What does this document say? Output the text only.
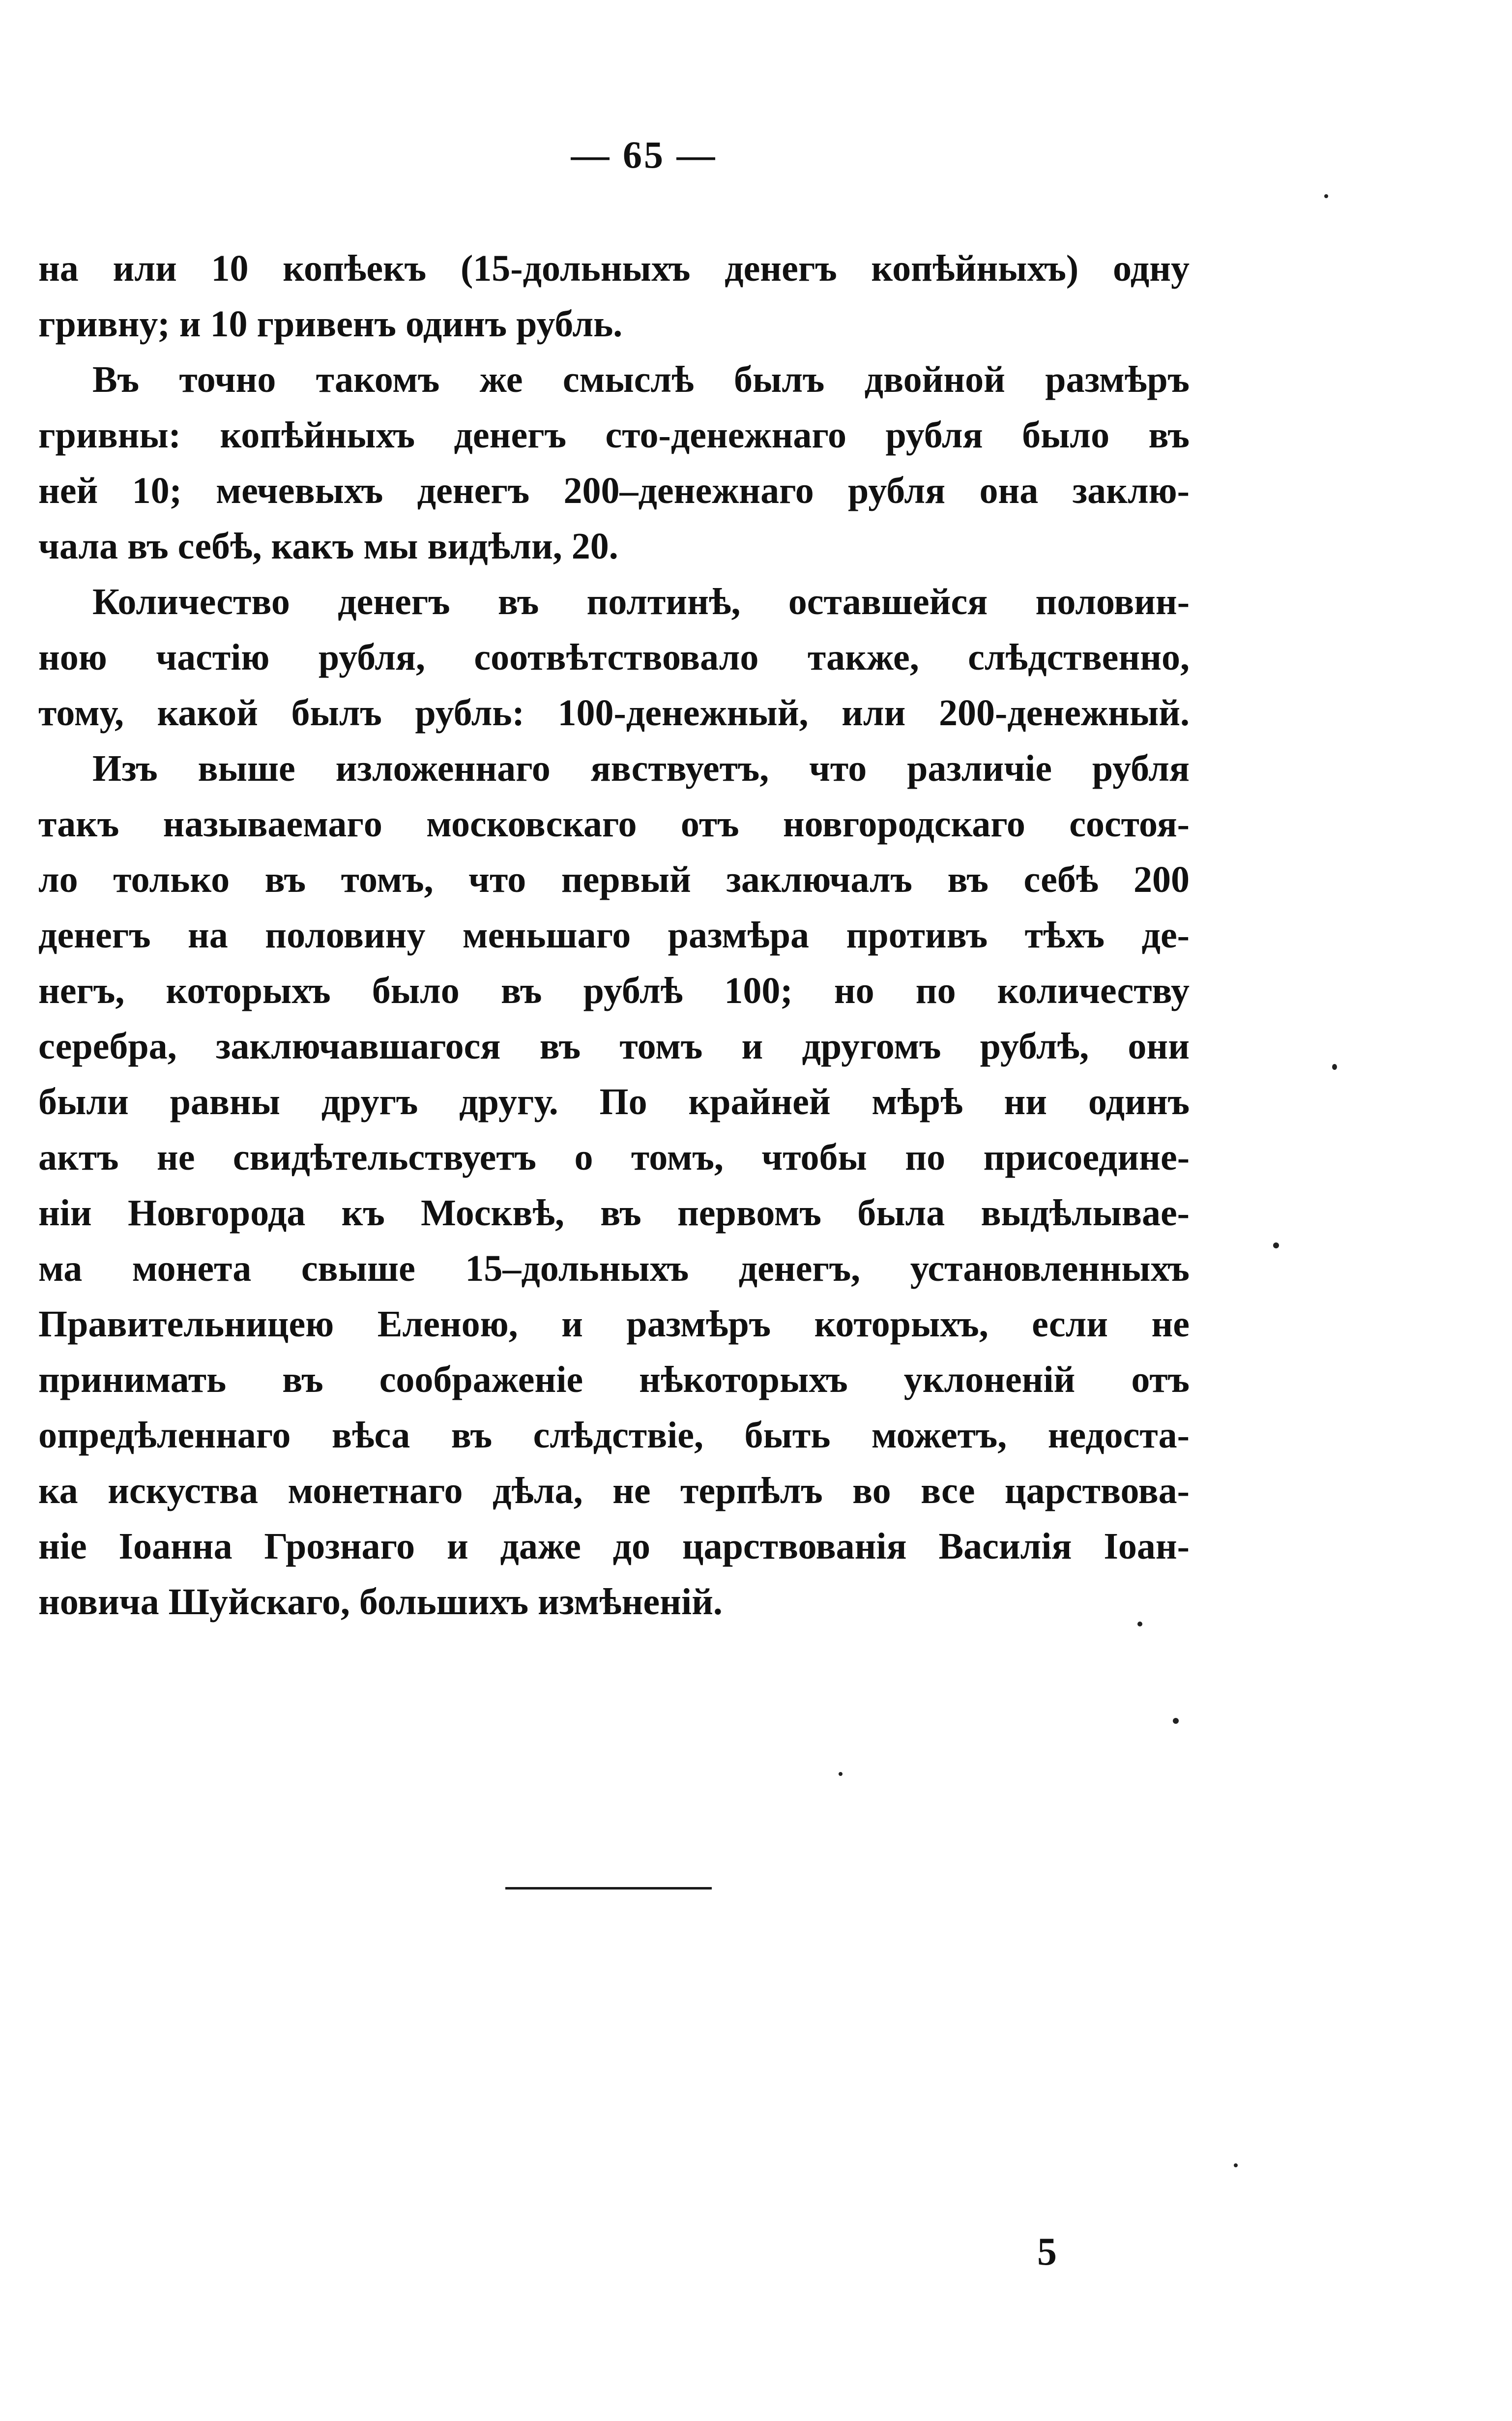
— 65 —
на или 10 копѣекъ (15-дольныхъ денегъ копѣйныхъ) одну
гривну; и 10 гривенъ одинъ рубль.
Въ точно такомъ же смыслѣ былъ двойной размѣръ
гривны: копѣйныхъ денегъ сто-денежнаго рубля было въ
ней 10; мечевыхъ денегъ 200–денежнаго рубля она заклю-
чала въ себѣ, какъ мы видѣли, 20.
Количество денегъ въ полтинѣ, оставшейся половин-
ною частію рубля, соотвѣтствовало также, слѣдственно,
тому, какой былъ рубль: 100-денежный, или 200-денежный.
Изъ выше изложеннаго явствуетъ, что различіе рубля
такъ называемагo московскаго отъ новгородскаго состоя-
ло только въ томъ, что первый заключалъ въ себѣ 200
денегъ на половину меньшаго размѣра противъ тѣхъ де-
негъ, которыхъ было въ рублѣ 100; но по количеству
серебра, заключавшагося въ томъ и другомъ рублѣ, они
были равны другъ другу. По крайней мѣрѣ ни одинъ
актъ не свидѣтельствуетъ о томъ, чтобы по присоедине-
ніи Новгорода къ Москвѣ, въ первомъ была выдѣлывае-
ма монета свыше 15–дольныхъ денегъ, установленныхъ
Правительницею Еленою, и размѣръ которыхъ, если не
принимать въ соображеніе нѣкоторыхъ уклоненій отъ
опредѣленнаго вѣса въ слѣдствіе, быть можетъ, недоста-
ка искуства монетнаго дѣла, не терпѣлъ во все царствова-
ніе Іоанна Грознаго и даже до царствованія Василія Іоан-
новича Шуйскаго, большихъ измѣненій.
5
